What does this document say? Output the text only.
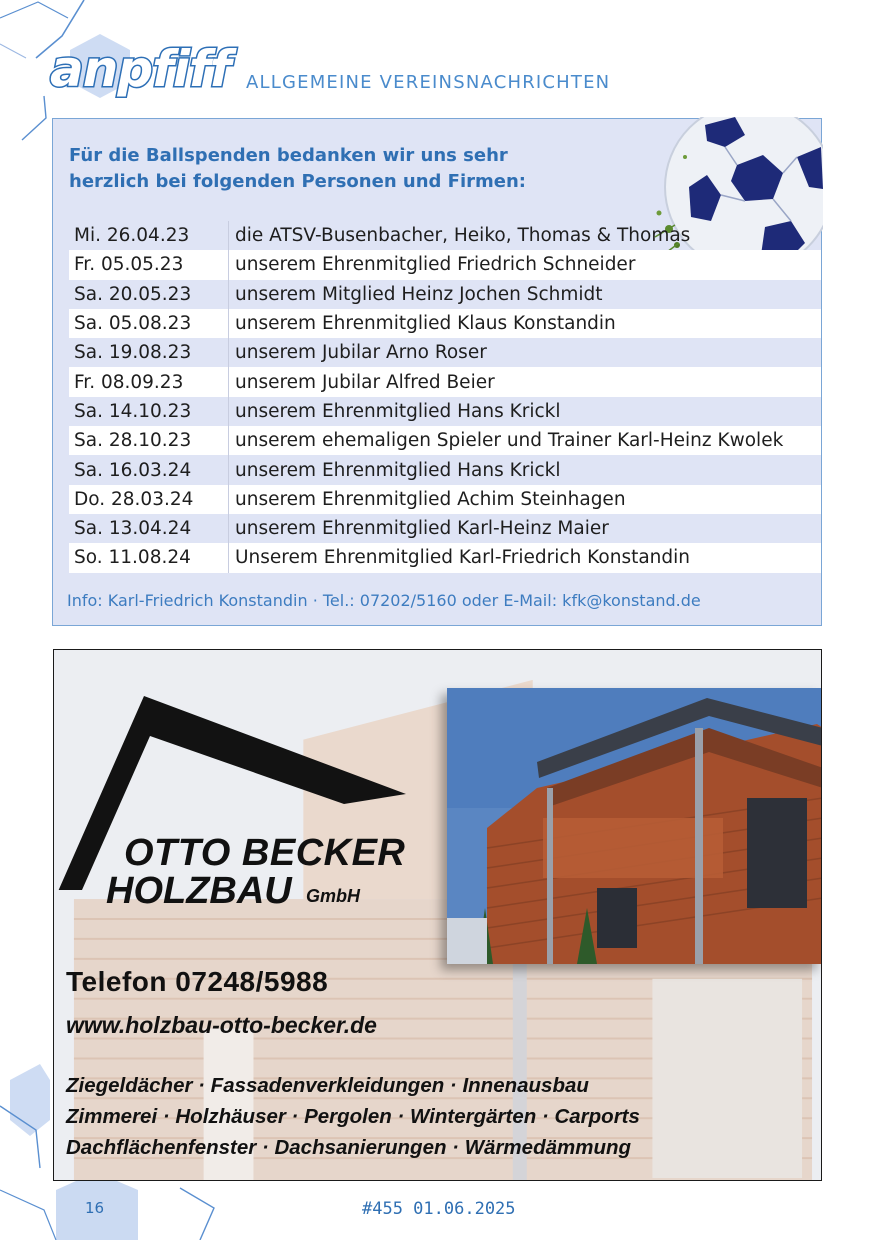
anpfiff ALLGEMEINE VEREINSNACHRICHTEN
Für die Ballspenden bedanken wir uns sehr
herzlich bei folgenden Personen und Firmen:
Mi. 26.04.23	die ATSV-Busenbacher, Heiko, Thomas & Thomas
Fr. 05.05.23	unserem Ehrenmitglied Friedrich Schneider
Sa. 20.05.23	unserem Mitglied Heinz Jochen Schmidt
Sa. 05.08.23	unserem Ehrenmitglied Klaus Konstandin
Sa. 19.08.23	unserem Jubilar Arno Roser
Fr. 08.09.23	unserem Jubilar Alfred Beier
Sa. 14.10.23	unserem Ehrenmitglied Hans Krickl
Sa. 28.10.23	unserem ehemaligen Spieler und Trainer Karl-Heinz Kwolek
Sa. 16.03.24	unserem Ehrenmitglied Hans Krickl
Do. 28.03.24	unserem Ehrenmitglied Achim Steinhagen
Sa. 13.04.24	unserem Ehrenmitglied Karl-Heinz Maier
So. 11.08.24	Unserem Ehrenmitglied Karl-Friedrich Konstandin
Info: Karl-Friedrich Konstandin · Tel.: 07202/5160 oder E-Mail: kfk@konstand.de
OTTO BECKER
HOLZBAU GmbH
Telefon 07248/5988
www.holzbau-otto-becker.de
Ziegeldächer · Fassadenverkleidungen · Innenausbau
Zimmerei · Holzhäuser · Pergolen · Wintergärten · Carports
Dachflächenfenster · Dachsanierungen · Wärmedämmung
16	#455 01.06.2025
